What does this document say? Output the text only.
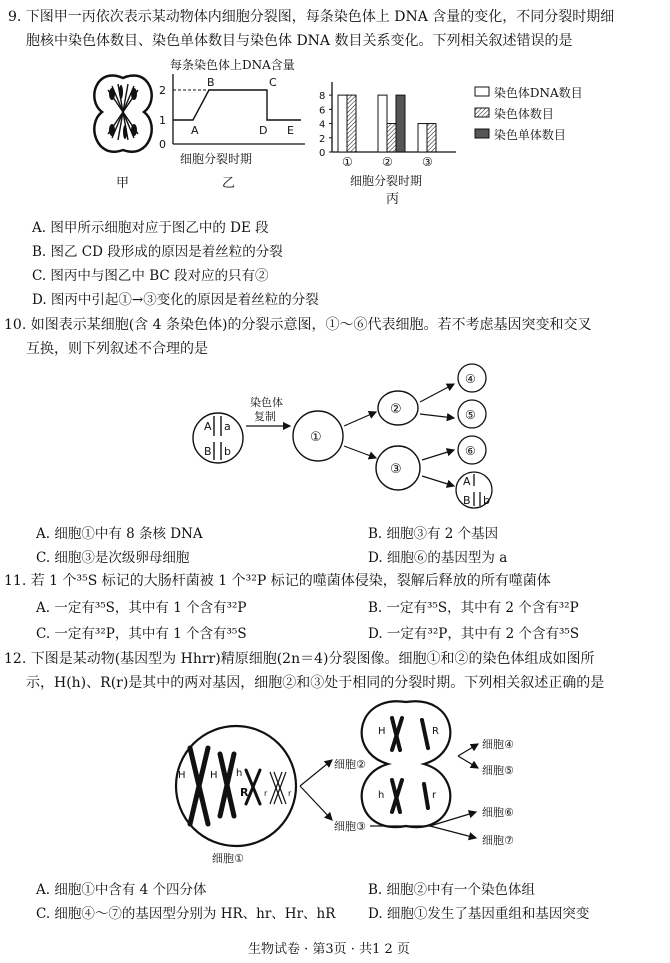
9. 下图甲一丙依次表示某动物体内细胞分裂图，每条染色体上 DNA 含量的变化，不同分裂时期细
胞核中染色体数目、染色单体数目与染色体 DNA 数目关系变化。下列相关叙述错误的是
甲
每条染色体上DNA含量
2
1
0
A
B	C
D E
细胞分裂时期
乙
0
2
4
6
8
① ② ③
细胞分裂时期
丙
染色体DNA数目
染色体数目
染色单体数目
A. 图甲所示细胞对应于图乙中的 DE 段
B. 图乙 CD 段形成的原因是着丝粒的分裂
C. 图丙中与图乙中 BC 段对应的只有②
D. 图丙中引起①→③变化的原因是着丝粒的分裂
10. 如图表示某细胞(含 4 条染色体)的分裂示意图，①～⑥代表细胞。若不考虑基因突变和交叉
互换，则下列叙述不合理的是
A a
B b
染色体
复制
①
②
③
④
⑤
⑥
A
B b
A. 细胞①中有 8 条核 DNA	B. 细胞③有 2 个基因
C. 细胞③是次级卵母细胞	D. 细胞⑥的基因型为 a
11. 若 1 个³⁵S 标记的大肠杆菌被 1 个³²P 标记的噬菌体侵染，裂解后释放的所有噬菌体
A. 一定有³⁵S，其中有 1 个含有³²P	B. 一定有³⁵S，其中有 2 个含有³²P
C. 一定有³²P，其中有 1 个含有³⁵S	D. 一定有³²P，其中有 2 个含有³⁵S
12. 下图是某动物(基因型为 Hhrr)精原细胞(2n＝4)分裂图像。细胞①和②的染色体组成如图所
示，H(h)、R(r)是其中的两对基因，细胞②和③处于相同的分裂时期。下列相关叙述正确的是
H H h
R r	r
H	R
h	r
细胞②
细胞③
细胞①
细胞④
细胞⑤
细胞⑥
细胞⑦
A. 细胞①中含有 4 个四分体	B. 细胞②中有一个染色体组
C. 细胞④～⑦的基因型分别为 HR、hr、Hr、hR D. 细胞①发生了基因重组和基因突变
生物试卷 · 第3页 · 共1 2 页
